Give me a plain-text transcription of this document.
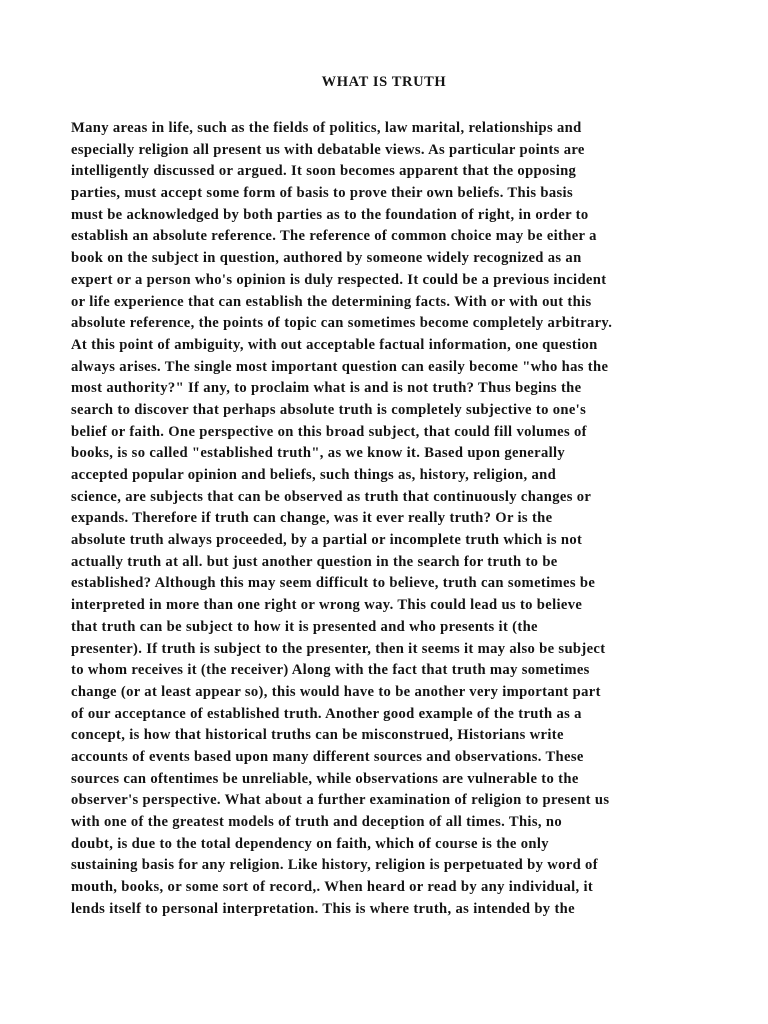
WHAT IS TRUTH
Many areas in life, such as the fields of politics, law marital, relationships and
especially religion all present us with debatable views. As particular points are
intelligently discussed or argued. It soon becomes apparent that the opposing
parties, must accept some form of basis to prove their own beliefs. This basis
must be acknowledged by both parties as to the foundation of right, in order to
establish an absolute reference. The reference of common choice may be either a
book on the subject in question, authored by someone widely recognized as an
expert or a person who's opinion is duly respected. It could be a previous incident
or life experience that can establish the determining facts. With or with out this
absolute reference, the points of topic can sometimes become completely arbitrary.
At this point of ambiguity, with out acceptable factual information, one question
always arises. The single most important question can easily become "who has the
most authority?" If any, to proclaim what is and is not truth? Thus begins the
search to discover that perhaps absolute truth is completely subjective to one's
belief or faith. One perspective on this broad subject, that could fill volumes of
books, is so called "established truth", as we know it. Based upon generally
accepted popular opinion and beliefs, such things as, history, religion, and
science, are subjects that can be observed as truth that continuously changes or
expands. Therefore if truth can change, was it ever really truth? Or is the
absolute truth always proceeded, by a partial or incomplete truth which is not
actually truth at all. but just another question in the search for truth to be
established? Although this may seem difficult to believe, truth can sometimes be
interpreted in more than one right or wrong way. This could lead us to believe
that truth can be subject to how it is presented and who presents it (the
presenter). If truth is subject to the presenter, then it seems it may also be subject
to whom receives it (the receiver) Along with the fact that truth may sometimes
change (or at least appear so), this would have to be another very important part
of our acceptance of established truth. Another good example of the truth as a
concept, is how that historical truths can be misconstrued, Historians write
accounts of events based upon many different sources and observations. These
sources can oftentimes be unreliable, while observations are vulnerable to the
observer's perspective. What about a further examination of religion to present us
with one of the greatest models of truth and deception of all times. This, no
doubt, is due to the total dependency on faith, which of course is the only
sustaining basis for any religion. Like history, religion is perpetuated by word of
mouth, books, or some sort of record,. When heard or read by any individual, it
lends itself to personal interpretation. This is where truth, as intended by the
